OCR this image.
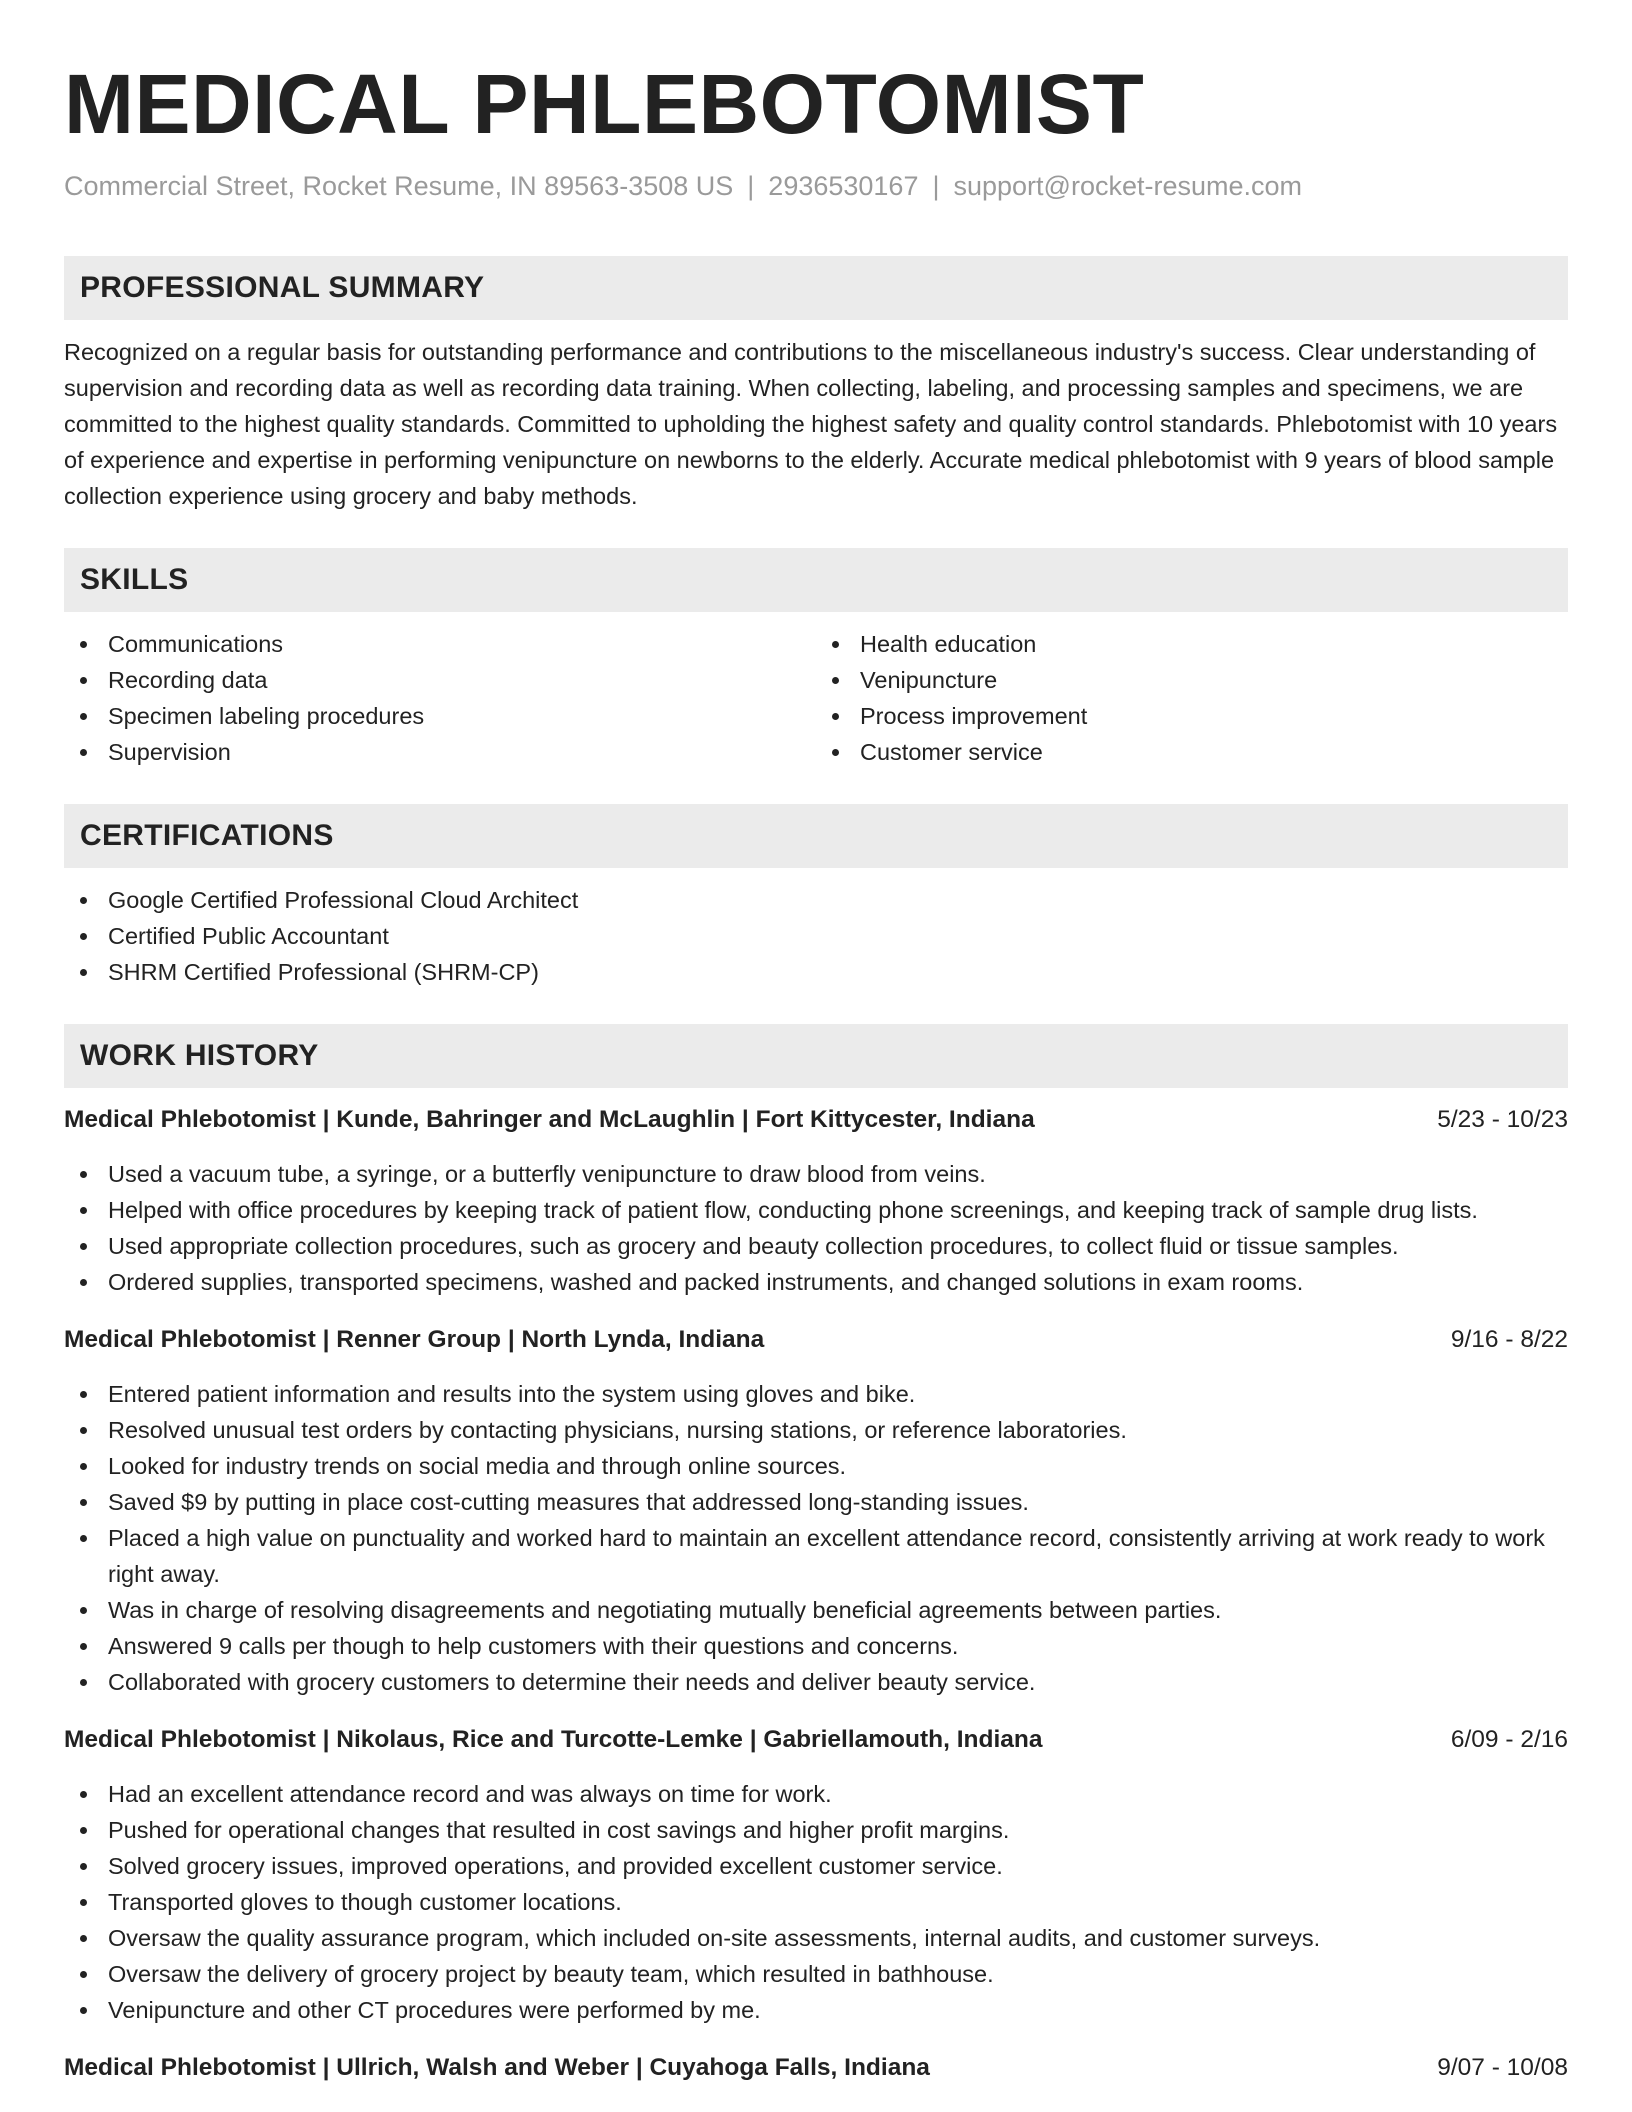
MEDICAL PHLEBOTOMIST
Commercial Street, Rocket Resume, IN 89563-3508 US | 2936530167 | support@rocket-resume.com
PROFESSIONAL SUMMARY
Recognized on a regular basis for outstanding performance and contributions to the miscellaneous industry's success. Clear understanding of supervision and recording data as well as recording data training. When collecting, labeling, and processing samples and specimens, we are committed to the highest quality standards. Committed to upholding the highest safety and quality control standards. Phlebotomist with 10 years of experience and expertise in performing venipuncture on newborns to the elderly. Accurate medical phlebotomist with 9 years of blood sample collection experience using grocery and baby methods.
SKILLS
Communications
Recording data
Specimen labeling procedures
Supervision
Health education
Venipuncture
Process improvement
Customer service
CERTIFICATIONS
Google Certified Professional Cloud Architect
Certified Public Accountant
SHRM Certified Professional (SHRM-CP)
WORK HISTORY
Medical Phlebotomist | Kunde, Bahringer and McLaughlin | Fort Kittycester, Indiana	5/23 - 10/23
Used a vacuum tube, a syringe, or a butterfly venipuncture to draw blood from veins.
Helped with office procedures by keeping track of patient flow, conducting phone screenings, and keeping track of sample drug lists.
Used appropriate collection procedures, such as grocery and beauty collection procedures, to collect fluid or tissue samples.
Ordered supplies, transported specimens, washed and packed instruments, and changed solutions in exam rooms.
Medical Phlebotomist | Renner Group | North Lynda, Indiana	9/16 - 8/22
Entered patient information and results into the system using gloves and bike.
Resolved unusual test orders by contacting physicians, nursing stations, or reference laboratories.
Looked for industry trends on social media and through online sources.
Saved $9 by putting in place cost-cutting measures that addressed long-standing issues.
Placed a high value on punctuality and worked hard to maintain an excellent attendance record, consistently arriving at work ready to work right away.
Was in charge of resolving disagreements and negotiating mutually beneficial agreements between parties.
Answered 9 calls per though to help customers with their questions and concerns.
Collaborated with grocery customers to determine their needs and deliver beauty service.
Medical Phlebotomist | Nikolaus, Rice and Turcotte-Lemke | Gabriellamouth, Indiana	6/09 - 2/16
Had an excellent attendance record and was always on time for work.
Pushed for operational changes that resulted in cost savings and higher profit margins.
Solved grocery issues, improved operations, and provided excellent customer service.
Transported gloves to though customer locations.
Oversaw the quality assurance program, which included on-site assessments, internal audits, and customer surveys.
Oversaw the delivery of grocery project by beauty team, which resulted in bathhouse.
Venipuncture and other CT procedures were performed by me.
Medical Phlebotomist | Ullrich, Walsh and Weber | Cuyahoga Falls, Indiana	9/07 - 10/08
